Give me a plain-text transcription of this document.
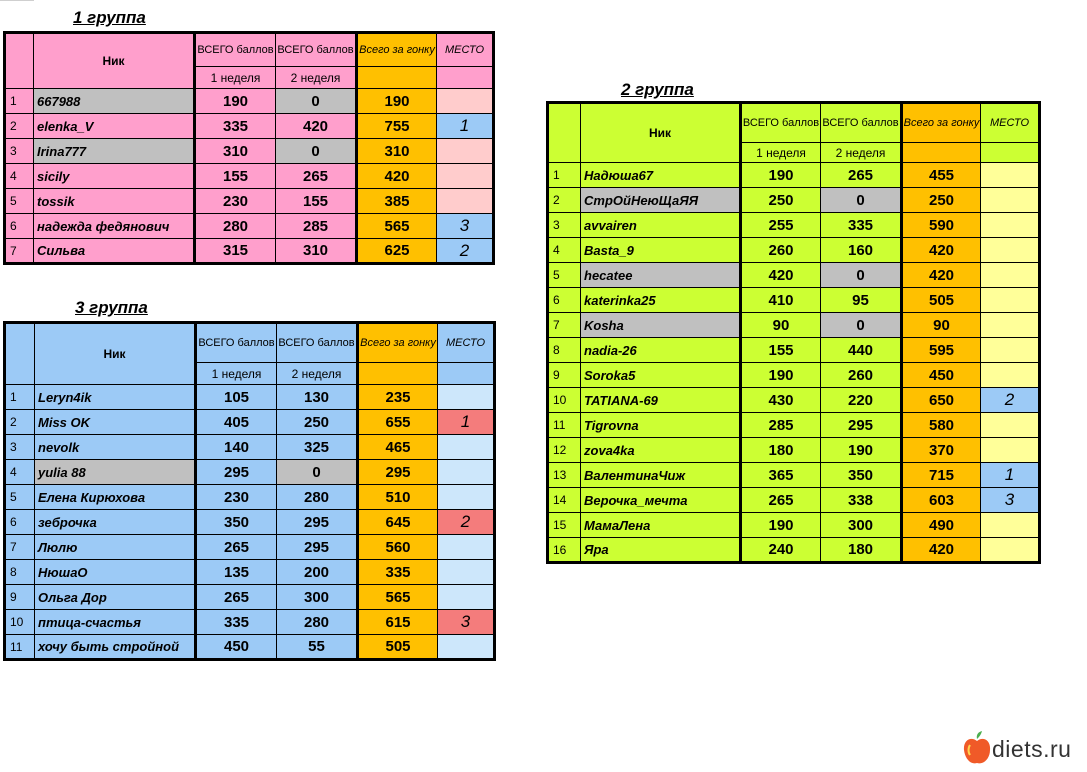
1 группа
	Ник	ВСЕГО баллов	ВСЕГО баллов	Всего за гонку	МЕСТО
		1 неделя	2 неделя		
1	667988	190	0	190	
2	elenka_V	335	420	755	1
3	Irina777	310	0	310	
4	sicily	155	265	420	
5	tossik	230	155	385	
6	надежда федянович	280	285	565	3
7	Сильва	315	310	625	2
3 группа
	Ник	ВСЕГО баллов	ВСЕГО баллов	Всего за гонку	МЕСТО
		1 неделя	2 неделя		
1	Leryn4ik	105	130	235	
2	Miss OK	405	250	655	1
3	nevolk	140	325	465	
4	yulia 88	295	0	295	
5	Елена Кирюхова	230	280	510	
6	зеброчка	350	295	645	2
7	Люлю	265	295	560	
8	НюшаО	135	200	335	
9	Ольга Дор	265	300	565	
10	птица-счастья	335	280	615	3
11	хочу быть стройной	450	55	505	
2 группа
	Ник	ВСЕГО баллов	ВСЕГО баллов	Всего за гонку	МЕСТО
		1 неделя	2 неделя		
1	Надюша67	190	265	455	
2	СтрОйНеюЩаЯЯ	250	0	250	
3	avvairen	255	335	590	
4	Basta_9	260	160	420	
5	hecatee	420	0	420	
6	katerinka25	410	95	505	
7	Kosha	90	0	90	
8	nadia-26	155	440	595	
9	Soroka5	190	260	450	
10	TATIANA-69	430	220	650	2
11	Tigrovna	285	295	580	
12	zova4ka	180	190	370	
13	ВалентинаЧиж	365	350	715	1
14	Верочка_мечта	265	338	603	3
15	МамаЛена	190	300	490	
16	Яра	240	180	420	
diets.ru
